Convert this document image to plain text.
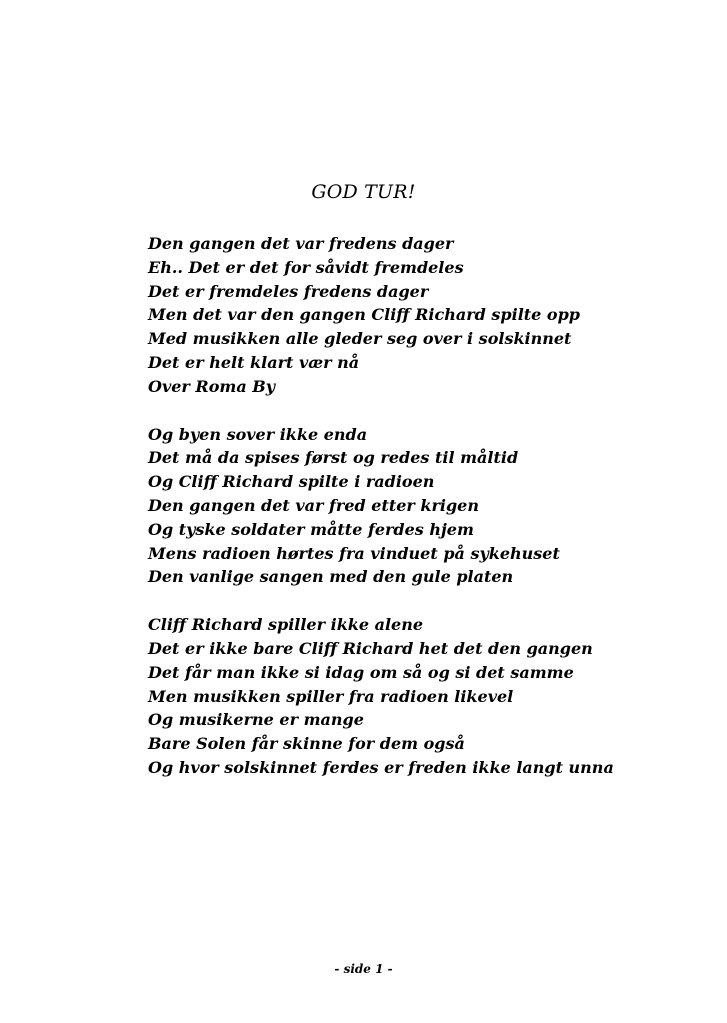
GOD TUR!
Den gangen det var fredens dager
Eh.. Det er det for såvidt fremdeles
Det er fremdeles fredens dager
Men det var den gangen Cliff Richard spilte opp
Med musikken alle gleder seg over i solskinnet
Det er helt klart vær nå
Over Roma By
Og byen sover ikke enda
Det må da spises først og redes til måltid
Og Cliff Richard spilte i radioen
Den gangen det var fred etter krigen
Og tyske soldater måtte ferdes hjem
Mens radioen hørtes fra vinduet på sykehuset
Den vanlige sangen med den gule platen
Cliff Richard spiller ikke alene
Det er ikke bare Cliff Richard het det den gangen
Det får man ikke si idag om så og si det samme
Men musikken spiller fra radioen likevel
Og musikerne er mange
Bare Solen får skinne for dem også
Og hvor solskinnet ferdes er freden ikke langt unna
- side 1 -
